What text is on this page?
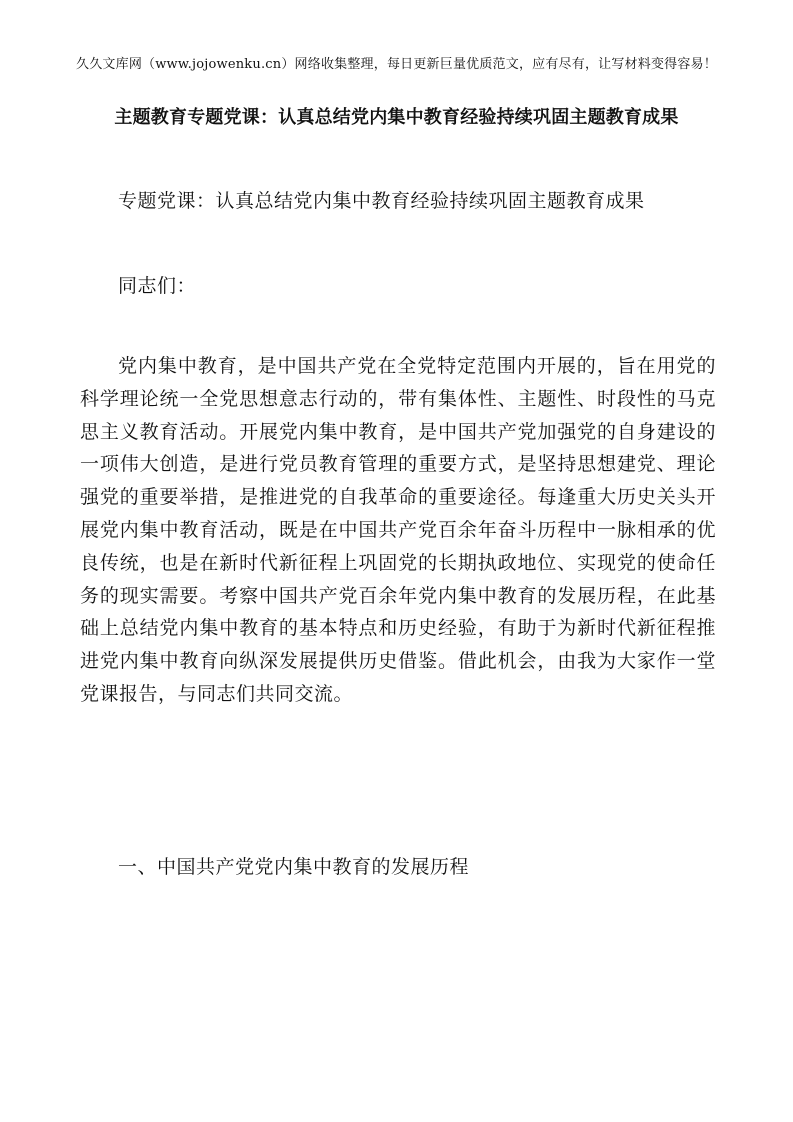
久久文库网（www.jojowenku.cn）网络收集整理，每日更新巨量优质范文，应有尽有，让写材料变得容易！
主题教育专题党课：认真总结党内集中教育经验持续巩固主题教育成果
专题党课：认真总结党内集中教育经验持续巩固主题教育成果
同志们：
党内集中教育，是中国共产党在全党特定范围内开展的，旨在用党的科学理论统一全党思想意志行动的，带有集体性、主题性、时段性的马克思主义教育活动。开展党内集中教育，是中国共产党加强党的自身建设的一项伟大创造，是进行党员教育管理的重要方式，是坚持思想建党、理论强党的重要举措，是推进党的自我革命的重要途径。每逢重大历史关头开展党内集中教育活动，既是在中国共产党百余年奋斗历程中一脉相承的优良传统，也是在新时代新征程上巩固党的长期执政地位、实现党的使命任务的现实需要。考察中国共产党百余年党内集中教育的发展历程，在此基础上总结党内集中教育的基本特点和历史经验，有助于为新时代新征程推进党内集中教育向纵深发展提供历史借鉴。借此机会，由我为大家作一堂党课报告，与同志们共同交流。
一、中国共产党党内集中教育的发展历程
